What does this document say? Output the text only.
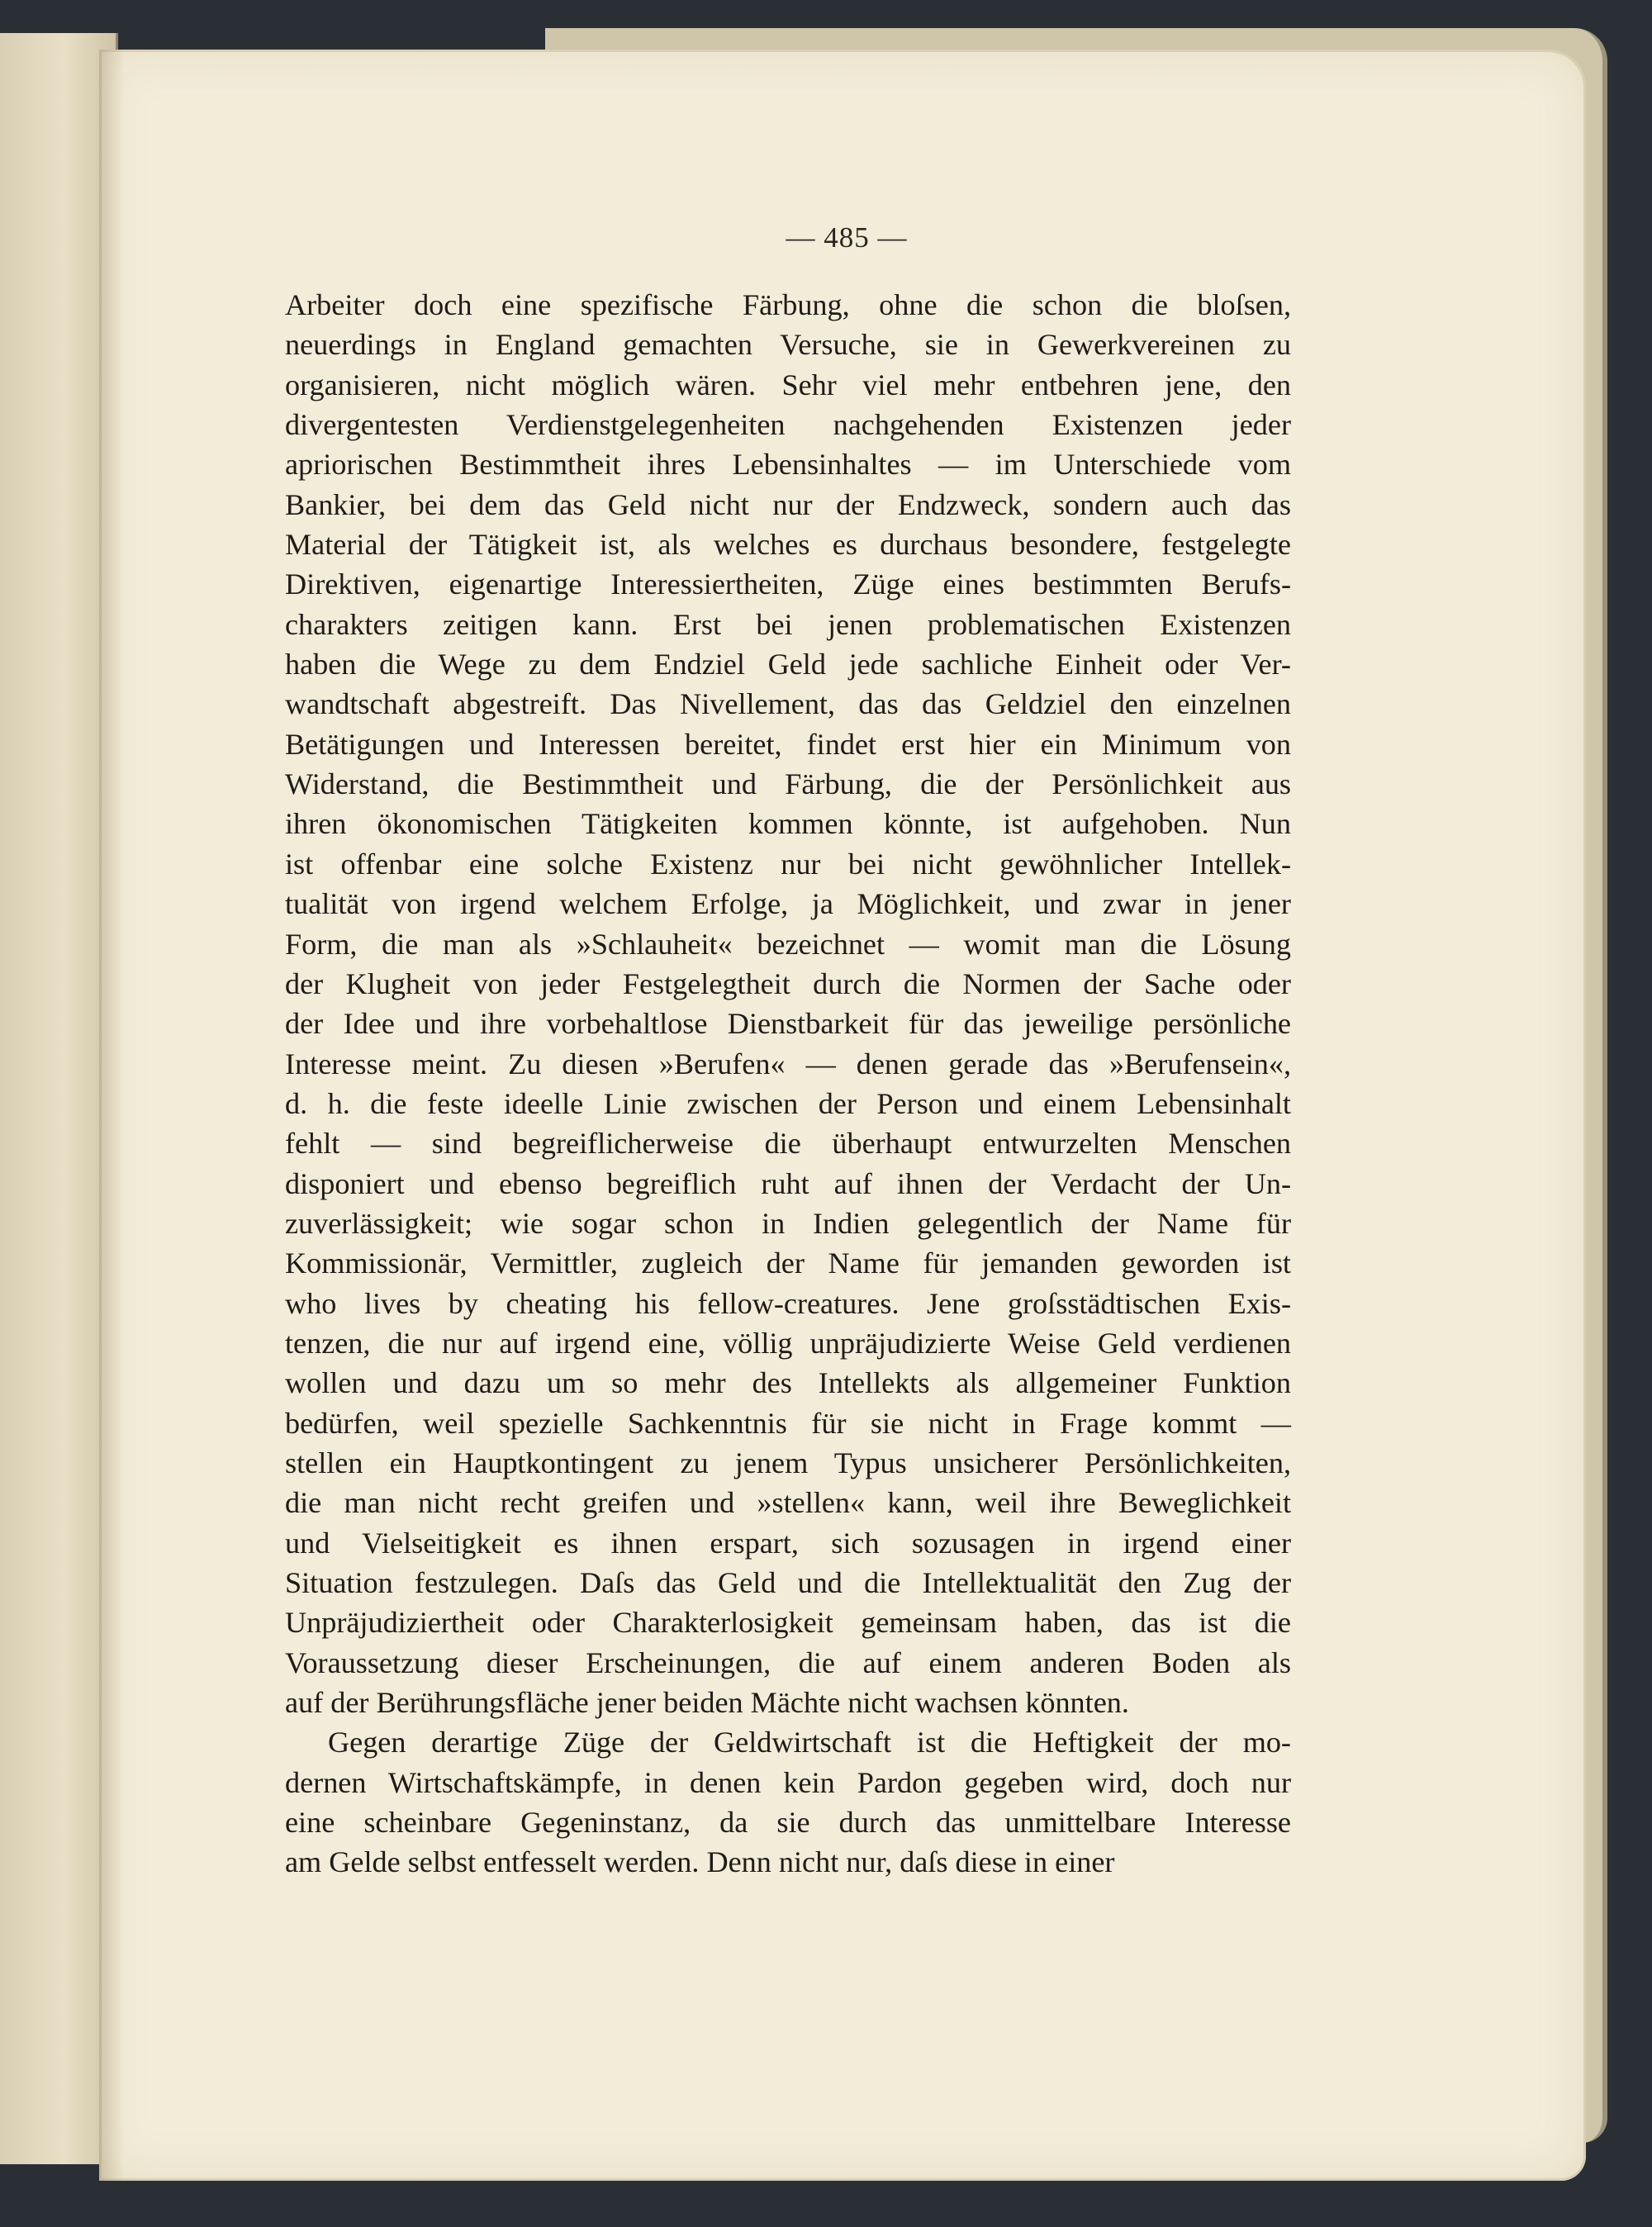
— 485 —
Arbeiter doch eine spezifische Färbung, ohne die schon die bloſsen,
neuerdings in England gemachten Versuche, sie in Gewerkvereinen zu
organisieren, nicht möglich wären. Sehr viel mehr entbehren jene, den
divergentesten Verdienstgelegenheiten nachgehenden Existenzen jeder
apriorischen Bestimmtheit ihres Lebensinhaltes — im Unterschiede vom
Bankier, bei dem das Geld nicht nur der Endzweck, sondern auch das
Material der Tätigkeit ist, als welches es durchaus besondere, festgelegte
Direktiven, eigenartige Interessiertheiten, Züge eines bestimmten Berufs-
charakters zeitigen kann. Erst bei jenen problematischen Existenzen
haben die Wege zu dem Endziel Geld jede sachliche Einheit oder Ver-
wandtschaft abgestreift. Das Nivellement, das das Geldziel den einzelnen
Betätigungen und Interessen bereitet, findet erst hier ein Minimum von
Widerstand, die Bestimmtheit und Färbung, die der Persönlichkeit aus
ihren ökonomischen Tätigkeiten kommen könnte, ist aufgehoben. Nun
ist offenbar eine solche Existenz nur bei nicht gewöhnlicher Intellek-
tualität von irgend welchem Erfolge, ja Möglichkeit, und zwar in jener
Form, die man als »Schlauheit« bezeichnet — womit man die Lösung
der Klugheit von jeder Festgelegtheit durch die Normen der Sache oder
der Idee und ihre vorbehaltlose Dienstbarkeit für das jeweilige persönliche
Interesse meint. Zu diesen »Berufen« — denen gerade das »Berufensein«,
d. h. die feste ideelle Linie zwischen der Person und einem Lebensinhalt
fehlt — sind begreiflicherweise die überhaupt entwurzelten Menschen
disponiert und ebenso begreiflich ruht auf ihnen der Verdacht der Un-
zuverlässigkeit; wie sogar schon in Indien gelegentlich der Name für
Kommissionär, Vermittler, zugleich der Name für jemanden geworden ist
who lives by cheating his fellow-creatures. Jene groſsstädtischen Exis-
tenzen, die nur auf irgend eine, völlig unpräjudizierte Weise Geld verdienen
wollen und dazu um so mehr des Intellekts als allgemeiner Funktion
bedürfen, weil spezielle Sachkenntnis für sie nicht in Frage kommt —
stellen ein Hauptkontingent zu jenem Typus unsicherer Persönlichkeiten,
die man nicht recht greifen und »stellen« kann, weil ihre Beweglichkeit
und Vielseitigkeit es ihnen erspart, sich sozusagen in irgend einer
Situation festzulegen. Daſs das Geld und die Intellektualität den Zug der
Unpräjudiziertheit oder Charakterlosigkeit gemeinsam haben, das ist die
Voraussetzung dieser Erscheinungen, die auf einem anderen Boden als
auf der Berührungsfläche jener beiden Mächte nicht wachsen könnten.
Gegen derartige Züge der Geldwirtschaft ist die Heftigkeit der mo-
dernen Wirtschaftskämpfe, in denen kein Pardon gegeben wird, doch nur
eine scheinbare Gegeninstanz, da sie durch das unmittelbare Interesse
am Gelde selbst entfesselt werden. Denn nicht nur, daſs diese in einer
